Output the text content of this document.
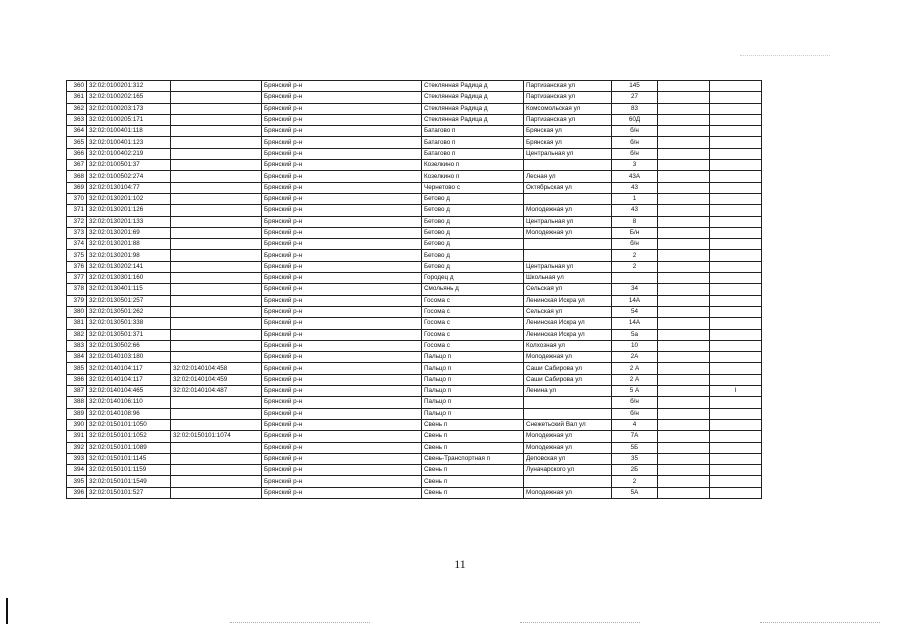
360	32:02:0100201:312		Брянский р-н	Стеклянная Радица д	Партизанская ул	145		
361	32:02:0100202:165		Брянский р-н	Стеклянная Радица д	Партизанская ул	27		
362	32:02:0100203:173		Брянский р-н	Стеклянная Радица д	Комсомольская ул	83		
363	32:02:0100205:171		Брянский р-н	Стеклянная Радица д	Партизанская ул	60Д		
364	32:02:0100401:118		Брянский р-н	Батагово п	Брянская ул	б/н		
365	32:02:0100401:123		Брянский р-н	Батагово п	Брянская ул	б/н		
366	32:02:0100402:219		Брянский р-н	Батагово п	Центральная ул	б/н		
367	32:02:0100501:37		Брянский р-н	Козелкино п		3		
368	32:02:0100502:274		Брянский р-н	Козелкино п	Лесная ул	43А		
369	32:02:0130104:77		Брянский р-н	Чернетово с	Октябрьская ул	43		
370	32:02:0130201:102		Брянский р-н	Бетово д		1		
371	32:02:0130201:126		Брянский р-н	Бетово д	Молодежная ул	43		
372	32:02:0130201:133		Брянский р-н	Бетово д	Центральная ул	8		
373	32:02:0130201:69		Брянский р-н	Бетово д	Молодежная ул	Б/н		
374	32:02:0130201:88		Брянский р-н	Бетово д		б/н		
375	32:02:0130201:98		Брянский р-н	Бетово д		2		
376	32:02:0130202:141		Брянский р-н	Бетово д	Центральная ул	2		
377	32:02:0130301:160		Брянский р-н	Городец д	Школьная ул			
378	32:02:0130401:115		Брянский р-н	Смольянь д	Сельская ул	34		
379	32:02:0130501:257		Брянский р-н	Госома с	Ленинская Искра ул	14А		
380	32:02:0130501:262		Брянский р-н	Госома с	Сельская ул	54		
381	32:02:0130501:338		Брянский р-н	Госома с	Ленинская Искра ул	14А		
382	32:02:0130501:371		Брянский р-н	Госома с	Ленинская Искра ул	5а		
383	32:02:0130502:66		Брянский р-н	Госома с	Колхозная ул	10		
384	32:02:0140103:180		Брянский р-н	Пальцо п	Молодежная ул	2А		
385	32:02:0140104:117	32:02:0140104:458	Брянский р-н	Пальцо п	Саши Сабирова ул	2 А		
386	32:02:0140104:117	32:02:0140104:459	Брянский р-н	Пальцо п	Саши Сабирова ул	2 А		
387	32:02:0140104:465	32:02:0140104:487	Брянский р-н	Пальцо п	Ленина ул	5 А		I
388	32:02:0140106:110		Брянский р-н	Пальцо п		б/н		
389	32:02:0140108:96		Брянский р-н	Пальцо п		б/н		
390	32:02:0150101:1050		Брянский р-н	Свень п	Снежетьский Вал ул	4		
391	32:02:0150101:1052	32:02:0150101:1074	Брянский р-н	Свень п	Молодежная ул	7А		
392	32:02:0150101:1089		Брянский р-н	Свень п	Молодежная ул	5Б		
393	32:02:0150101:1145		Брянский р-н	Свень-Транспортная п	Деповская ул	35		
394	32:02:0150101:1159		Брянский р-н	Свень п	Луначарского ул	2Б		
395	32:02:0150101:1549		Брянский р-н	Свень п		2		
396	32:02:0150101:527		Брянский р-н	Свень п	Молодежная ул	5А		
11
